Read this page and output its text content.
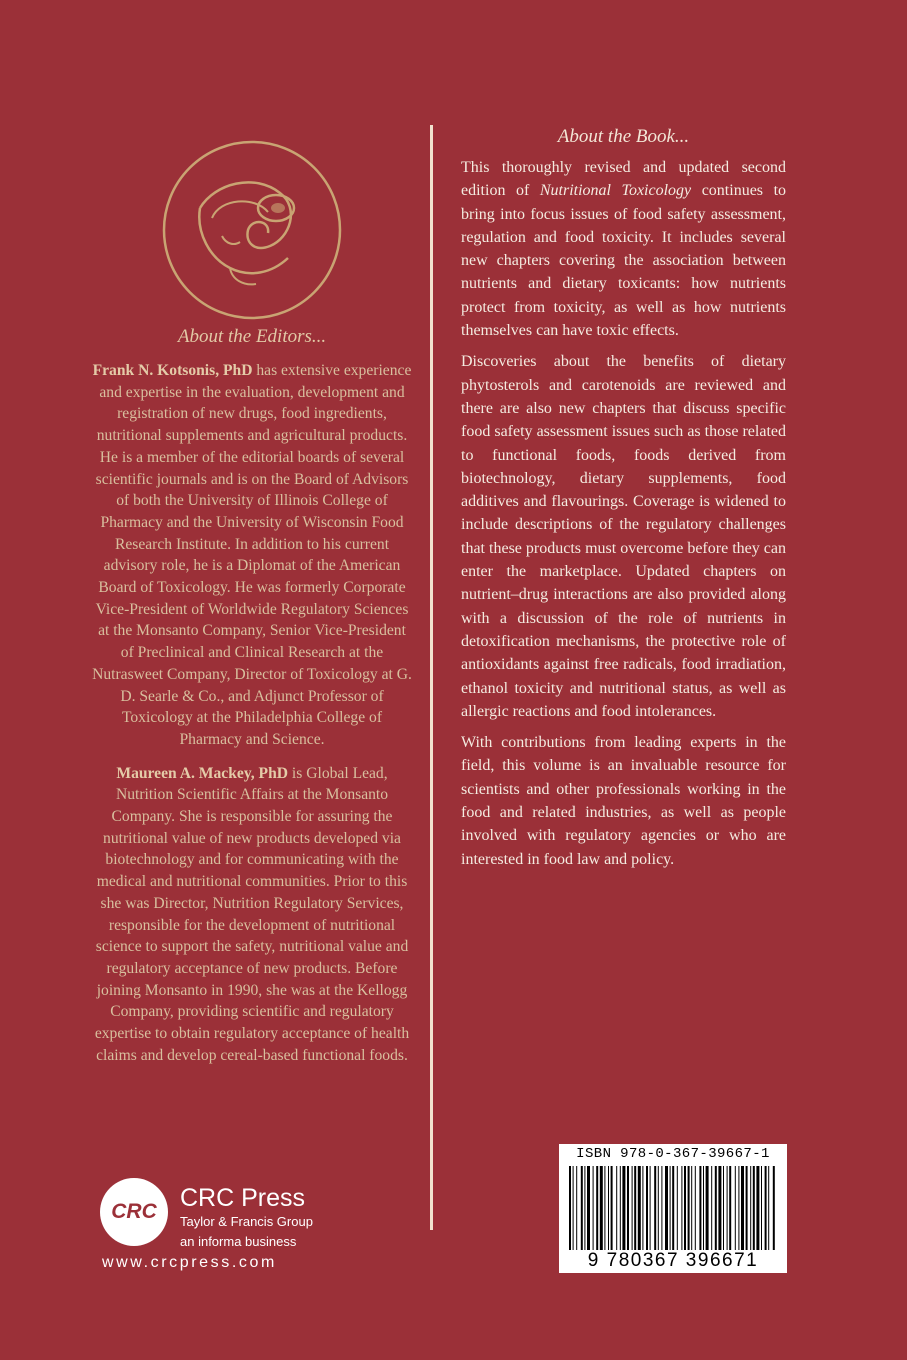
About the Editors...

Frank N. Kotsonis, PhD has extensive experience and expertise in the evaluation, development and registration of new drugs, food ingredients, nutritional supplements and agricultural products. He is a member of the editorial boards of several scientific journals and is on the Board of Advisors of both the University of Illinois College of Pharmacy and the University of Wisconsin Food Research Institute. In addition to his current advisory role, he is a Diplomat of the American Board of Toxicology. He was formerly Corporate Vice-President of Worldwide Regulatory Sciences at the Monsanto Company, Senior Vice-President of Preclinical and Clinical Research at the Nutrasweet Company, Director of Toxicology at G. D. Searle & Co., and Adjunct Professor of Toxicology at the Philadelphia College of Pharmacy and Science.

Maureen A. Mackey, PhD is Global Lead, Nutrition Scientific Affairs at the Monsanto Company. She is responsible for assuring the nutritional value of new products developed via biotechnology and for communicating with the medical and nutritional communities. Prior to this she was Director, Nutrition Regulatory Services, responsible for the development of nutritional science to support the safety, nutritional value and regulatory acceptance of new products. Before joining Monsanto in 1990, she was at the Kellogg Company, providing scientific and regulatory expertise to obtain regulatory acceptance of health claims and develop cereal-based functional foods.

About the Book...

This thoroughly revised and updated second edition of Nutritional Toxicology continues to bring into focus issues of food safety assessment, regulation and food toxicity. It includes several new chapters covering the association between nutrients and dietary toxicants: how nutrients protect from toxicity, as well as how nutrients themselves can have toxic effects.

Discoveries about the benefits of dietary phytosterols and carotenoids are reviewed and there are also new chapters that discuss specific food safety assessment issues such as those related to functional foods, foods derived from biotechnology, dietary supplements, food additives and flavourings. Coverage is widened to include descriptions of the regulatory challenges that these products must overcome before they can enter the marketplace. Updated chapters on nutrient–drug interactions are also provided along with a discussion of the role of nutrients in detoxification mechanisms, the protective role of antioxidants against free radicals, food irradiation, ethanol toxicity and nutritional status, as well as allergic reactions and food intolerances.

With contributions from leading experts in the field, this volume is an invaluable resource for scientists and other professionals working in the food and related industries, as well as people involved with regulatory agencies or who are interested in food law and policy.

CRC CRC Press
Taylor & Francis Group
an informa business
www.crcpress.com
ISBN 978-0-367-39667-1
9 780367 396671
